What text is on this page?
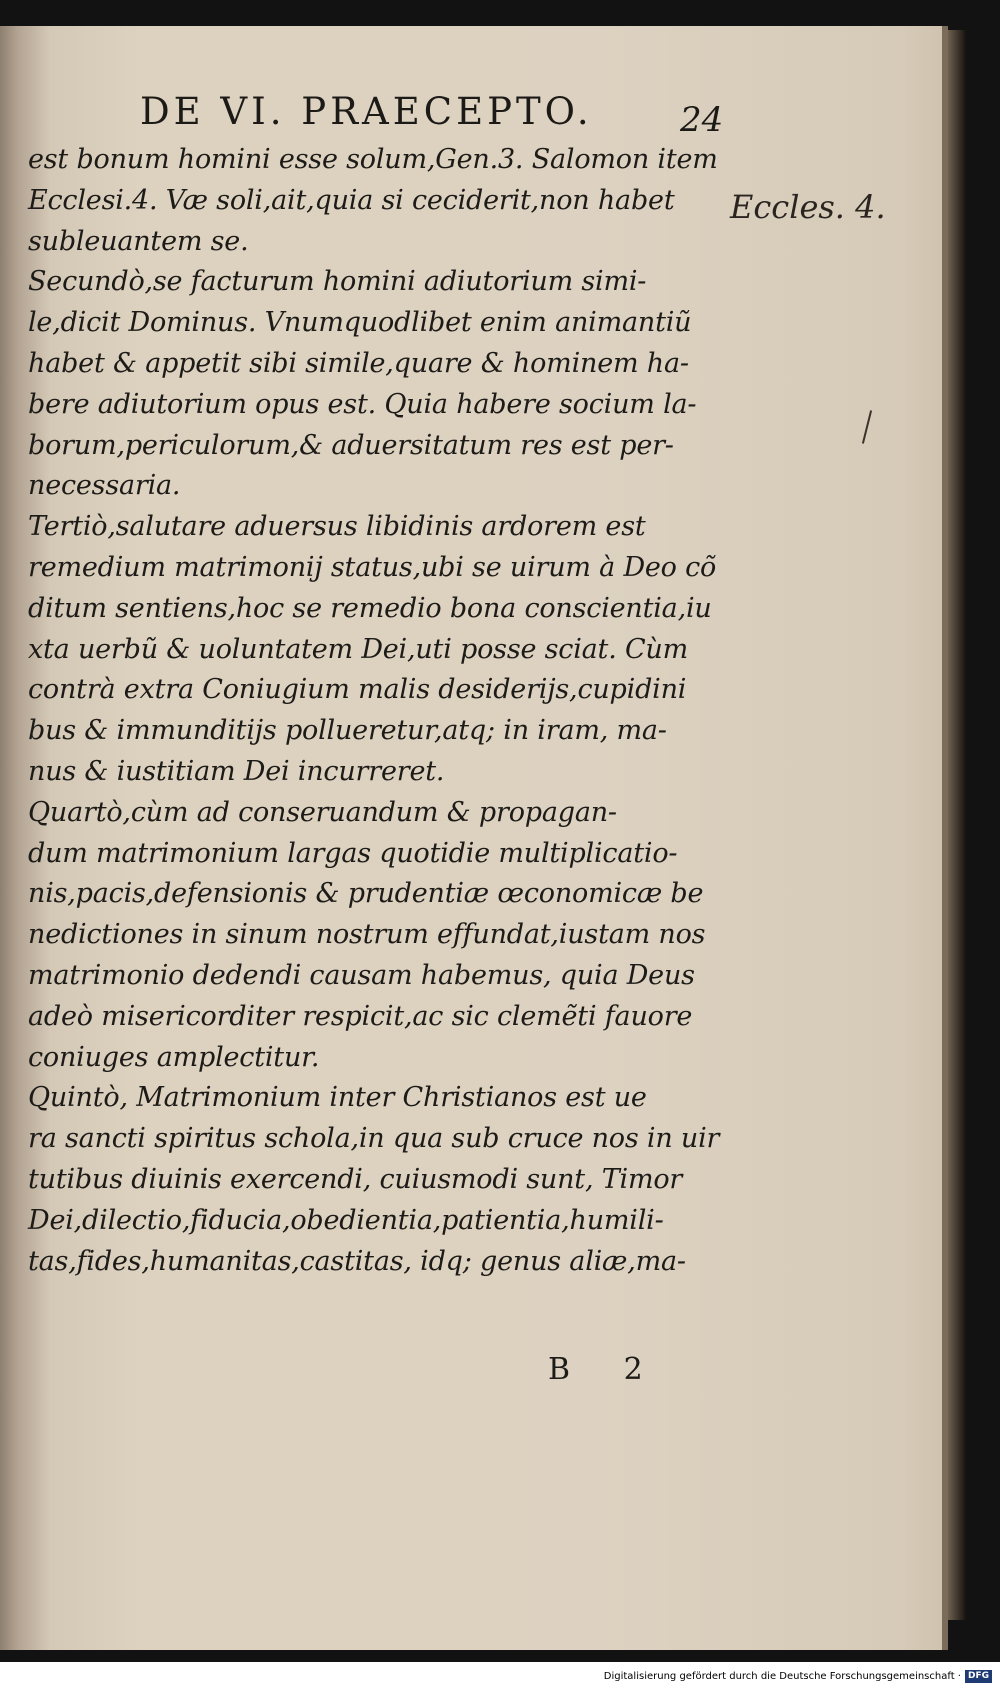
DE VI. PRAECEPTO.	24
est bonum homini esse solum,Gen.3. Salomon item
Ecclesi.4. Væ soli,ait,quia si ceciderit,non habet
subleuantem se.
Secundò,se facturum homini adiutorium simi-
le,dicit Dominus. Vnumquodlibet enim animantiũ
habet & appetit sibi simile,quare & hominem ha-
bere adiutorium opus est. Quia habere socium la-
borum,periculorum,& aduersitatum res est per-
necessaria.
Tertiò,salutare aduersus libidinis ardorem est
remedium matrimonij status,ubi se uirum à Deo cõ
ditum sentiens,hoc se remedio bona conscientia,iu
xta uerbũ & uoluntatem Dei,uti posse sciat. Cùm
contrà extra Coniugium malis desiderijs,cupidini
bus & immunditijs pollueretur,atq; in iram, ma-
nus & iustitiam Dei incurreret.
Quartò,cùm ad conseruandum & propagan-
dum matrimonium largas quotidie multiplicatio-
nis,pacis,defensionis & prudentiæ œconomicæ be
nedictiones in sinum nostrum effundat,iustam nos
matrimonio dedendi causam habemus, quia Deus
adeò misericorditer respicit,ac sic clemẽti fauore
coniuges amplectitur.
Quintò, Matrimonium inter Christianos est ue
ra sancti spiritus schola,in qua sub cruce nos in uir
tutibus diuinis exercendi, cuiusmodi sunt, Timor
Dei,dilectio,fiducia,obedientia,patientia,humili-
tas,fides,humanitas,castitas, idq; genus aliæ,ma-
Eccles. 4.
B 2
Digitalisierung gefördert durch die Deutsche Forschungsgemeinschaft · DFG
